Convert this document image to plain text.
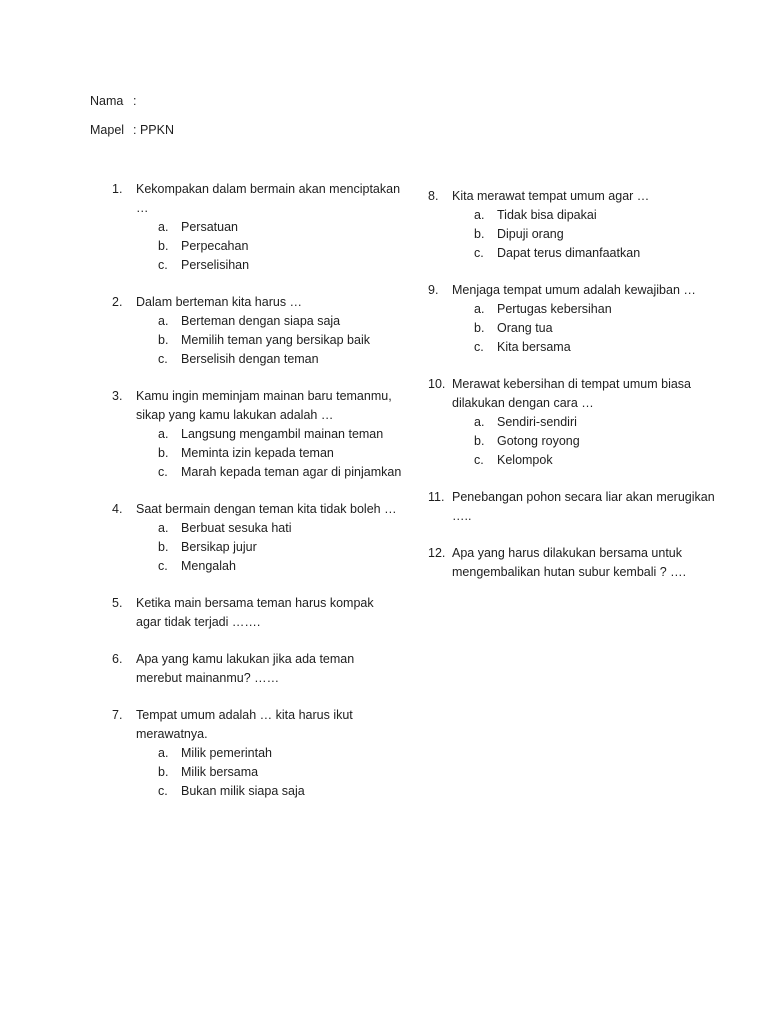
Nama :
Mapel : PPKN
1.	Kekompakan dalam bermain akan menciptakan …
a.	Persatuan
b.	Perpecahan
c.	Perselisihan
2.	Dalam berteman kita harus …
a.	Berteman dengan siapa saja
b.	Memilih teman yang bersikap baik
c.	Berselisih dengan teman
3.	Kamu ingin meminjam mainan baru temanmu, sikap yang kamu lakukan adalah …
a.	Langsung mengambil mainan teman
b.	Meminta izin kepada teman
c.	Marah kepada teman agar di pinjamkan
4.	Saat bermain dengan teman kita tidak boleh …
a.	Berbuat sesuka hati
b.	Bersikap jujur
c.	Mengalah
5.	Ketika main bersama teman harus kompak agar tidak terjadi …….
6.	Apa yang kamu lakukan jika ada teman merebut mainanmu? ……
7.	Tempat umum adalah … kita harus ikut merawatnya.
a.	Milik pemerintah
b.	Milik bersama
c.	Bukan milik siapa saja
8.	Kita merawat tempat umum agar …
a.	Tidak bisa dipakai
b.	Dipuji orang
c.	Dapat terus dimanfaatkan
9.	Menjaga tempat umum adalah kewajiban …
a.	Pertugas kebersihan
b.	Orang tua
c.	Kita bersama
10. Merawat kebersihan di tempat umum biasa dilakukan dengan cara …
a.	Sendiri-sendiri
b.	Gotong royong
c.	Kelompok
11. Penebangan pohon secara liar akan merugikan …..
12. Apa yang harus dilakukan bersama untuk mengembalikan hutan subur kembali ? ….
